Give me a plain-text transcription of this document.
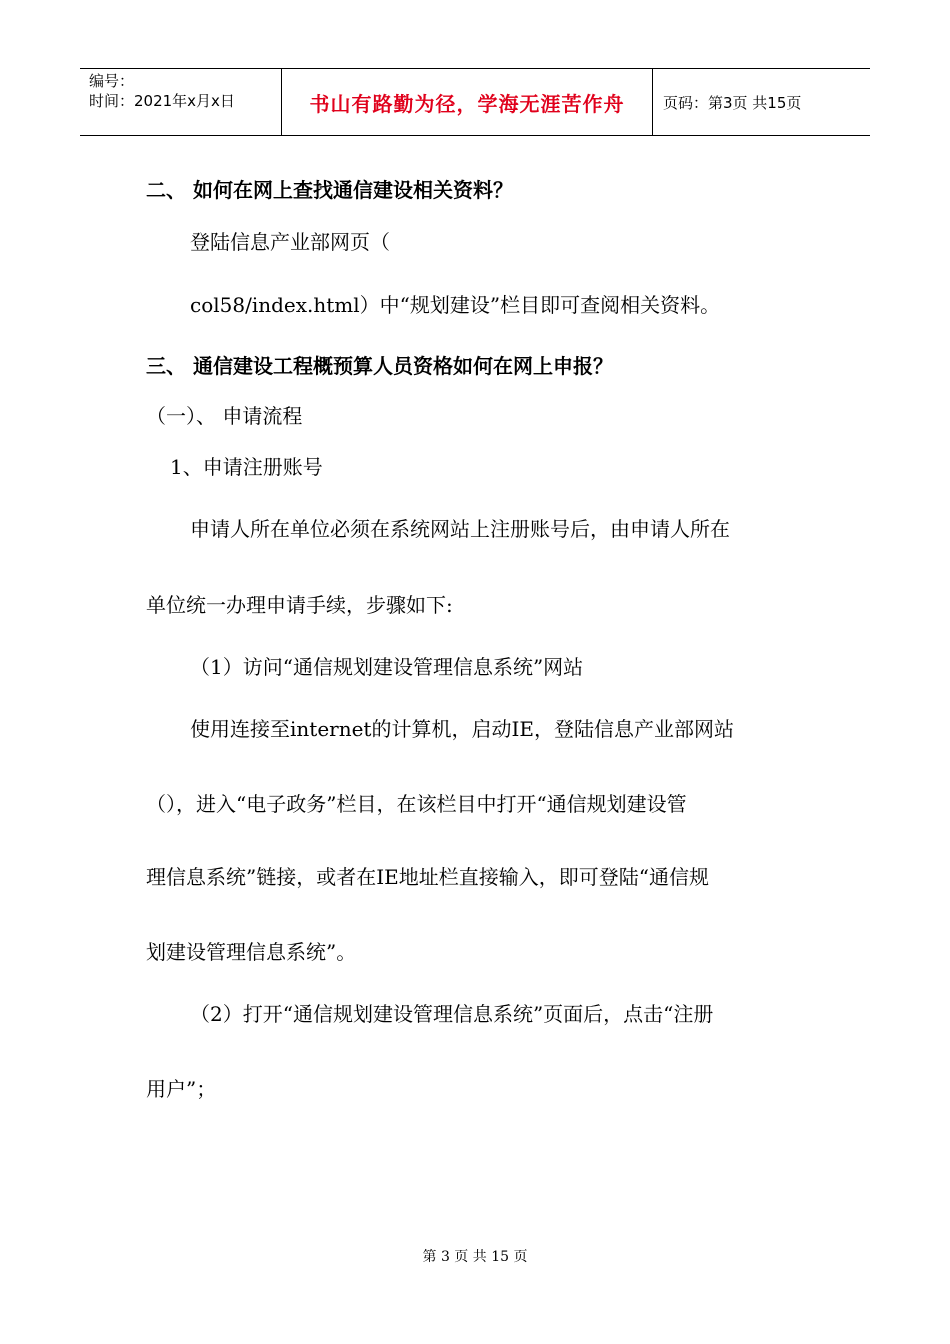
编号：
时间：2021年x月x日	书山有路勤为径，学海无涯苦作舟	页码：第3页 共15页
二、 如何在网上查找通信建设相关资料？
登陆信息产业部网页（
col58/index.html）中“规划建设”栏目即可查阅相关资料。
三、 通信建设工程概预算人员资格如何在网上申报？
（一）、 申请流程
1、申请注册账号
申请人所在单位必须在系统网站上注册账号后，由申请人所在
单位统一办理申请手续，步骤如下:
（1）访问“通信规划建设管理信息系统”网站
使用连接至internet的计算机，启动IE，登陆信息产业部网站
（），进入“电子政务”栏目，在该栏目中打开“通信规划建设管
理信息系统”链接，或者在IE地址栏直接输入，即可登陆“通信规
划建设管理信息系统”。
（2）打开“通信规划建设管理信息系统”页面后，点击“注册
用户”；
第 3 页 共 15 页
